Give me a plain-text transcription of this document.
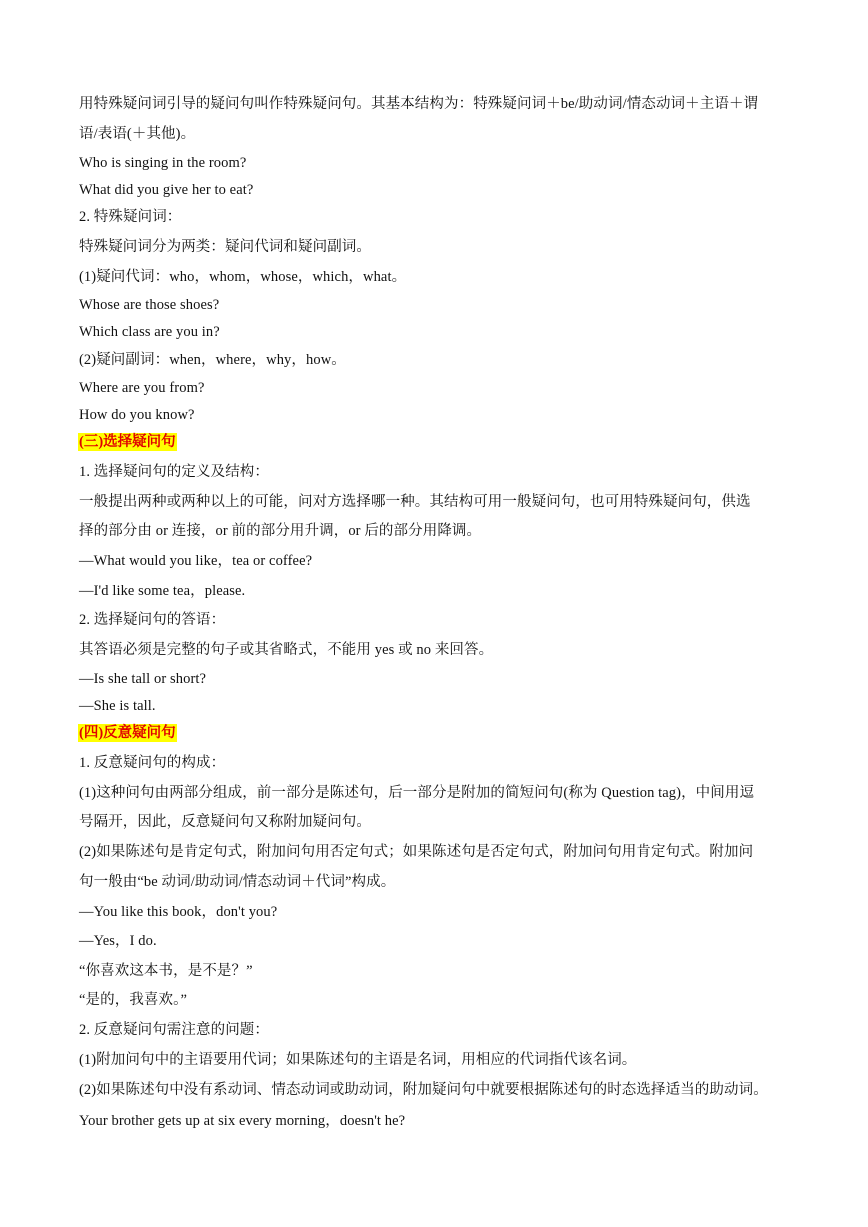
用特殊疑问词引导的疑问句叫作特殊疑问句。其基本结构为：特殊疑问词＋be/助动词/情态动词＋主语＋谓
语/表语(＋其他)。
Who is singing in the room?
What did you give her to eat?
2. 特殊疑问词：
特殊疑问词分为两类：疑问代词和疑问副词。
(1)疑问代词：who，whom，whose，which，what。
Whose are those shoes?
Which class are you in?
(2)疑问副词：when，where，why，how。
Where are you from?
How do you know?
(三)选择疑问句
1. 选择疑问句的定义及结构：
一般提出两种或两种以上的可能，问对方选择哪一种。其结构可用一般疑问句，也可用特殊疑问句，供选
择的部分由 or 连接，or 前的部分用升调，or 后的部分用降调。
—What would you like，tea or coffee?
—I'd like some tea，please.
2. 选择疑问句的答语：
其答语必须是完整的句子或其省略式，不能用 yes 或 no 来回答。
—Is she tall or short?
—She is tall.
(四)反意疑问句
1. 反意疑问句的构成：
(1)这种问句由两部分组成，前一部分是陈述句，后一部分是附加的简短问句(称为 Question tag)，中间用逗
号隔开，因此，反意疑问句又称附加疑问句。
(2)如果陈述句是肯定句式，附加问句用否定句式；如果陈述句是否定句式，附加问句用肯定句式。附加问
句一般由“be 动词/助动词/情态动词＋代词”构成。
—You like this book，don't you?
—Yes，I do.
“你喜欢这本书，是不是？”
“是的，我喜欢。”
2. 反意疑问句需注意的问题：
(1)附加问句中的主语要用代词；如果陈述句的主语是名词，用相应的代词指代该名词。
(2)如果陈述句中没有系动词、情态动词或助动词，附加疑问句中就要根据陈述句的时态选择适当的助动词。
Your brother gets up at six every morning，doesn't he?
